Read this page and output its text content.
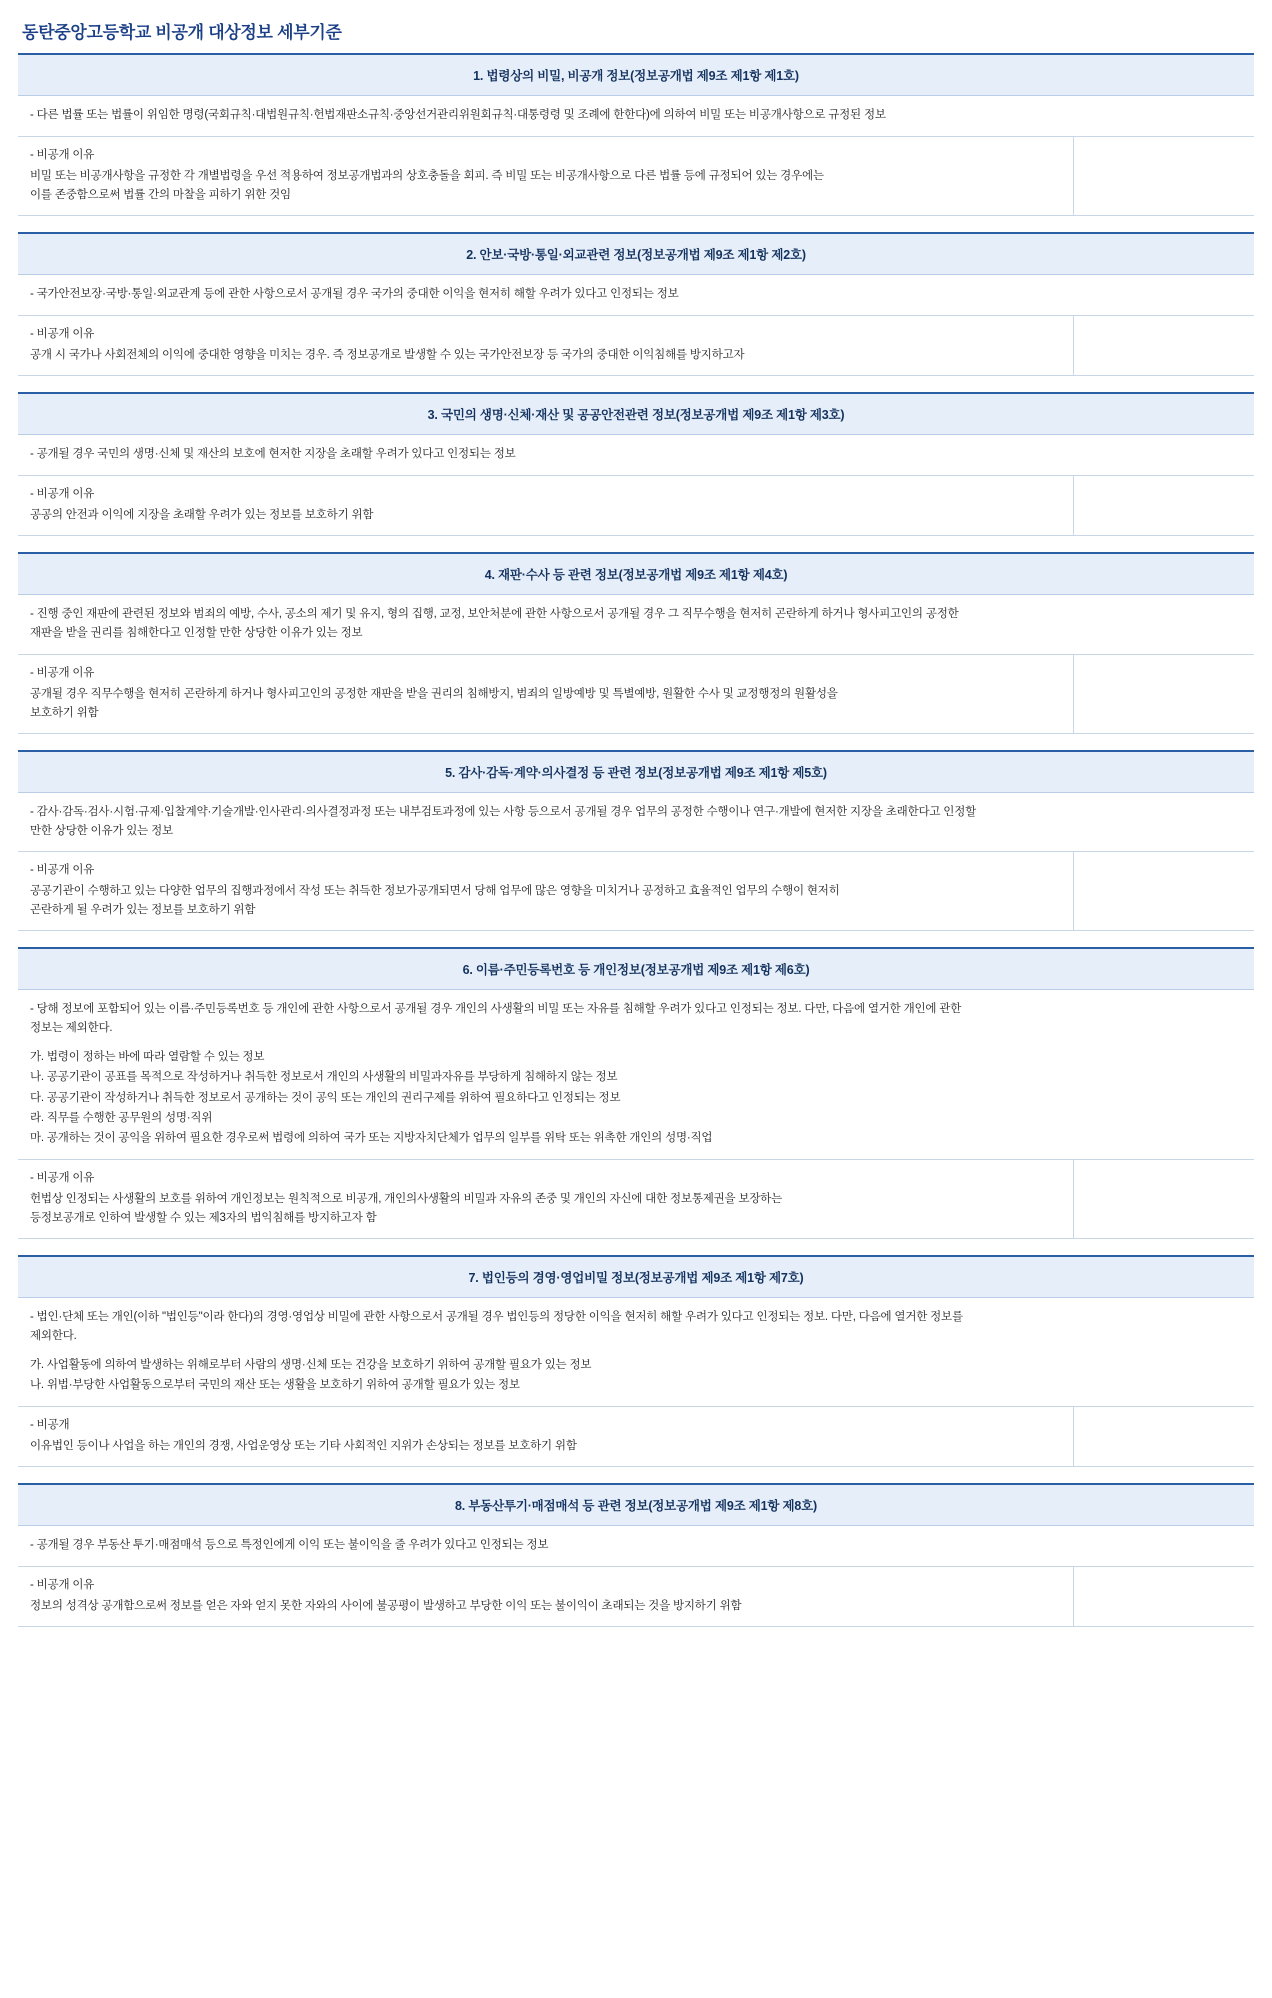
동탄중앙고등학교 비공개 대상정보 세부기준
1. 법령상의 비밀, 비공개 정보(정보공개법 제9조 제1항 제1호)
- 다른 법률 또는 법률이 위임한 명령(국회규칙·대법원규칙·헌법재판소규칙·중앙선거관리위원회규칙·대통령령 및 조례에 한한다)에 의하여 비밀 또는 비공개사항으로 규정된 정보
- 비공개 이유
비밀 또는 비공개사항을 규정한 각 개별법령을 우선 적용하여 정보공개법과의 상호충돌을 회피. 즉 비밀 또는 비공개사항으로 다른 법률 등에 규정되어 있는 경우에는
이를 존중함으로써 법률 간의 마찰을 피하기 위한 것임
2. 안보·국방·통일·외교관련 정보(정보공개법 제9조 제1항 제2호)
- 국가안전보장·국방·통일·외교관계 등에 관한 사항으로서 공개될 경우 국가의 중대한 이익을 현저히 해할 우려가 있다고 인정되는 정보
- 비공개 이유
공개 시 국가나 사회전체의 이익에 중대한 영향을 미치는 경우. 즉 정보공개로 발생할 수 있는 국가안전보장 등 국가의 중대한 이익침해를 방지하고자
3. 국민의 생명·신체·재산 및 공공안전관련 정보(정보공개법 제9조 제1항 제3호)
- 공개될 경우 국민의 생명·신체 및 재산의 보호에 현저한 지장을 초래할 우려가 있다고 인정되는 정보
- 비공개 이유
공공의 안전과 이익에 지장을 초래할 우려가 있는 정보를 보호하기 위함
4. 재판·수사 등 관련 정보(정보공개법 제9조 제1항 제4호)
- 진행 중인 재판에 관련된 정보와 범죄의 예방, 수사, 공소의 제기 및 유지, 형의 집행, 교정, 보안처분에 관한 사항으로서 공개될 경우 그 직무수행을 현저히 곤란하게 하거나 형사피고인의 공정한
재판을 받을 권리를 침해한다고 인정할 만한 상당한 이유가 있는 정보
- 비공개 이유
공개될 경우 직무수행을 현저히 곤란하게 하거나 형사피고인의 공정한 재판을 받을 권리의 침해방지, 범죄의 일방예방 및 특별예방, 원활한 수사 및 교정행정의 원활성을
보호하기 위함
5. 감사·감독·계약·의사결정 등 관련 정보(정보공개법 제9조 제1항 제5호)
- 감사·감독·검사·시험·규제·입찰계약·기술개발·인사관리·의사결정과정 또는 내부검토과정에 있는 사항 등으로서 공개될 경우 업무의 공정한 수행이나 연구·개발에 현저한 지장을 초래한다고 인정할
만한 상당한 이유가 있는 정보
- 비공개 이유
공공기관이 수행하고 있는 다양한 업무의 집행과정에서 작성 또는 취득한 정보가공개되면서 당해 업무에 많은 영향을 미치거나 공정하고 효율적인 업무의 수행이 현저히
곤란하게 될 우려가 있는 정보를 보호하기 위함
6. 이름·주민등록번호 등 개인정보(정보공개법 제9조 제1항 제6호)
- 당해 정보에 포함되어 있는 이름·주민등록번호 등 개인에 관한 사항으로서 공개될 경우 개인의 사생활의 비밀 또는 자유를 침해할 우려가 있다고 인정되는 정보. 다만, 다음에 열거한 개인에 관한
정보는 제외한다.
가. 법령이 정하는 바에 따라 열람할 수 있는 정보
나. 공공기관이 공표를 목적으로 작성하거나 취득한 정보로서 개인의 사생활의 비밀과자유를 부당하게 침해하지 않는 정보
다. 공공기관이 작성하거나 취득한 정보로서 공개하는 것이 공익 또는 개인의 권리구제를 위하여 필요하다고 인정되는 정보
라. 직무를 수행한 공무원의 성명·직위
마. 공개하는 것이 공익을 위하여 필요한 경우로써 법령에 의하여 국가 또는 지방자치단체가 업무의 일부를 위탁 또는 위촉한 개인의 성명·직업
- 비공개 이유
헌법상 인정되는 사생활의 보호를 위하여 개인정보는 원칙적으로 비공개, 개인의사생활의 비밀과 자유의 존중 및 개인의 자신에 대한 정보통제권을 보장하는
등정보공개로 인하여 발생할 수 있는 제3자의 법익침해를 방지하고자 함
7. 법인등의 경영·영업비밀 정보(정보공개법 제9조 제1항 제7호)
- 법인·단체 또는 개인(이하 "법인등"이라 한다)의 경영·영업상 비밀에 관한 사항으로서 공개될 경우 법인등의 정당한 이익을 현저히 해할 우려가 있다고 인정되는 정보. 다만, 다음에 열거한 정보를
제외한다.
가. 사업활동에 의하여 발생하는 위해로부터 사람의 생명·신체 또는 건강을 보호하기 위하여 공개할 필요가 있는 정보
나. 위법·부당한 사업활동으로부터 국민의 재산 또는 생활을 보호하기 위하여 공개할 필요가 있는 정보
- 비공개
이유법인 등이나 사업을 하는 개인의 경쟁, 사업운영상 또는 기타 사회적인 지위가 손상되는 정보를 보호하기 위함
8. 부동산투기·매점매석 등 관련 정보(정보공개법 제9조 제1항 제8호)
- 공개될 경우 부동산 투기·매점매석 등으로 특정인에게 이익 또는 불이익을 줄 우려가 있다고 인정되는 정보
- 비공개 이유
정보의 성격상 공개함으로써 정보를 얻은 자와 얻지 못한 자와의 사이에 불공평이 발생하고 부당한 이익 또는 불이익이 초래되는 것을 방지하기 위함
